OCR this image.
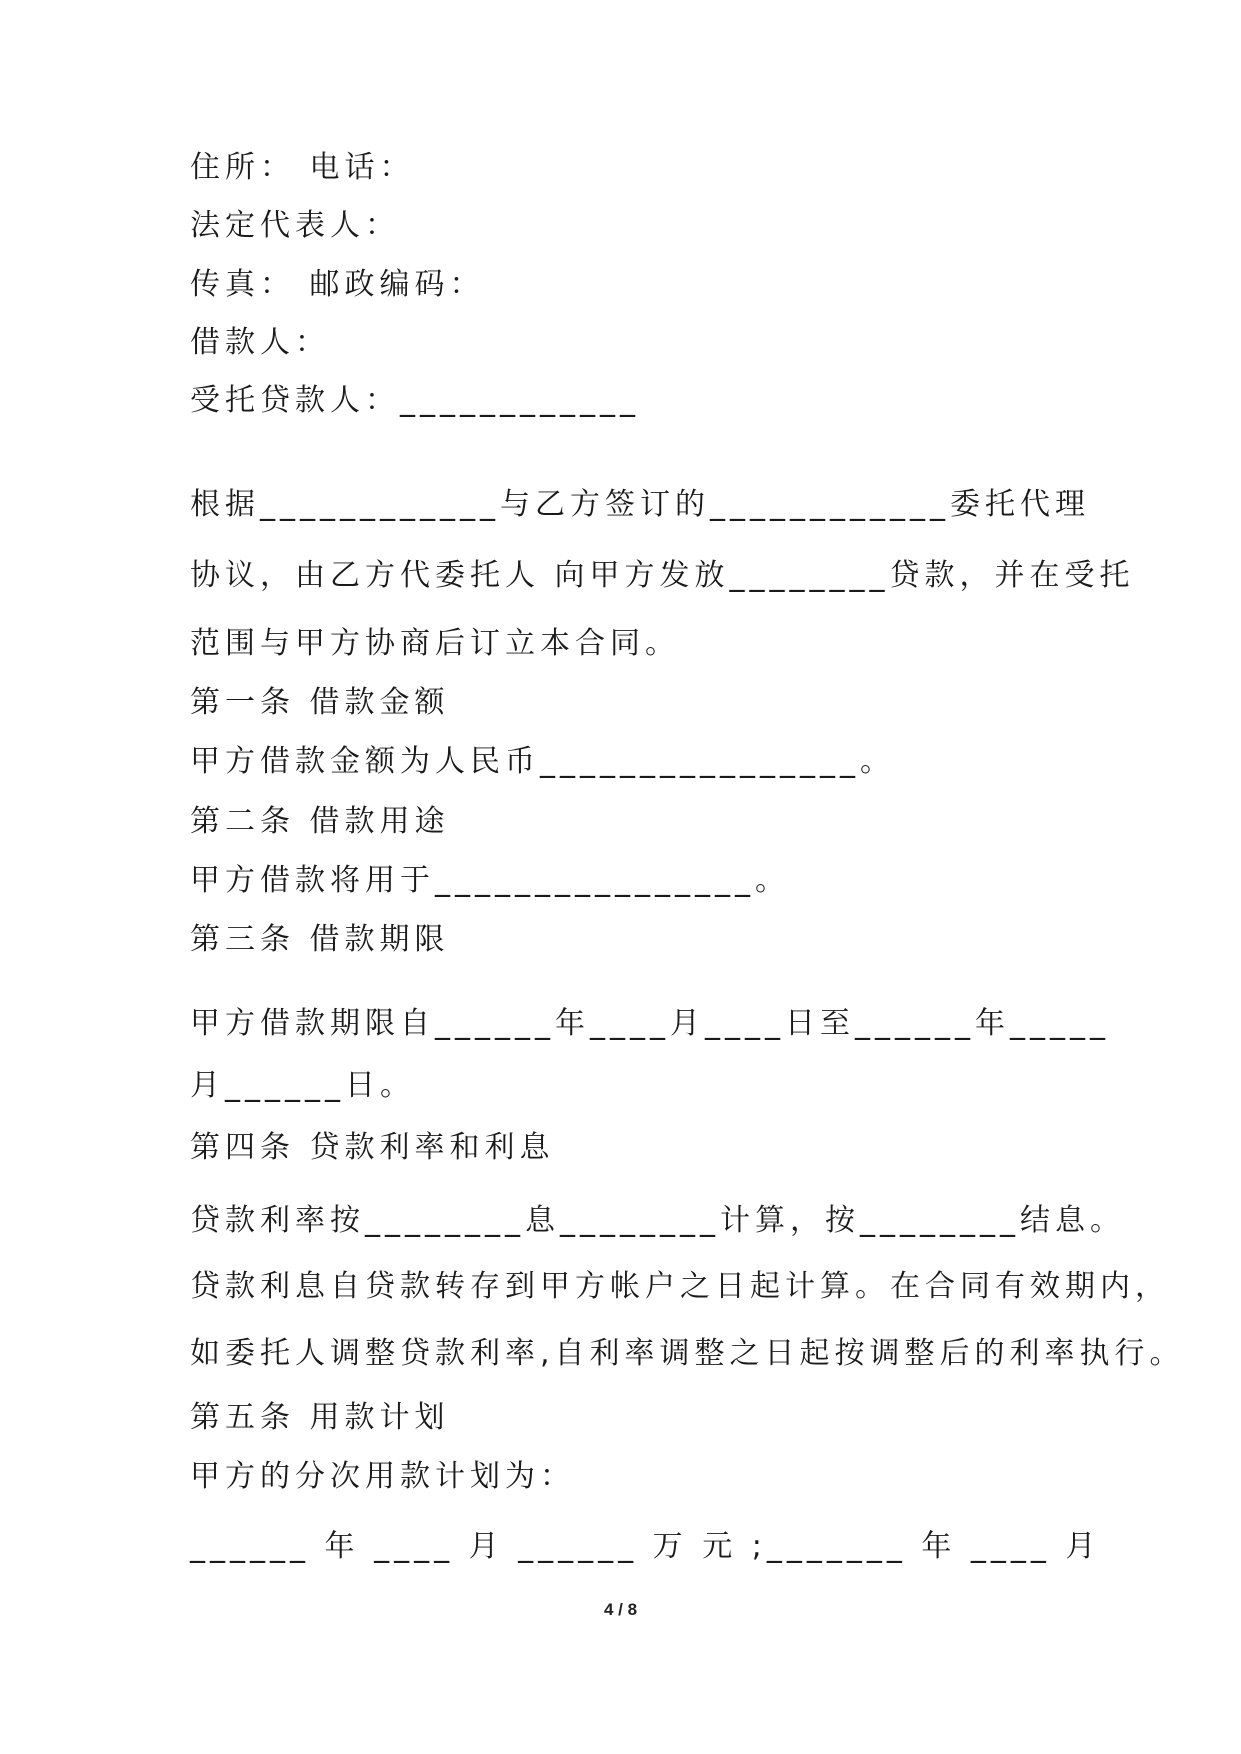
住所： 电话：
法定代表人：
传真： 邮政编码：
借款人：
受托贷款人：____________
根据____________与乙方签订的____________委托代理
协议，由乙方代委托人 向甲方发放________贷款，并在受托
范围与甲方协商后订立本合同。
第一条 借款金额
甲方借款金额为人民币________________。
第二条 借款用途
甲方借款将用于________________。
第三条 借款期限
甲方借款期限自______年____月____日至______年_____
月______日。
第四条 贷款利率和利息
贷款利率按________息________计算，按________结息。
贷款利息自贷款转存到甲方帐户之日起计算。在合同有效期内，
如委托人调整贷款利率,自利率调整之日起按调整后的利率执行。
第五条 用款计划
甲方的分次用款计划为：
______ 年 ____ 月 ______ 万 元 ;_______ 年 ____ 月
4 / 8
